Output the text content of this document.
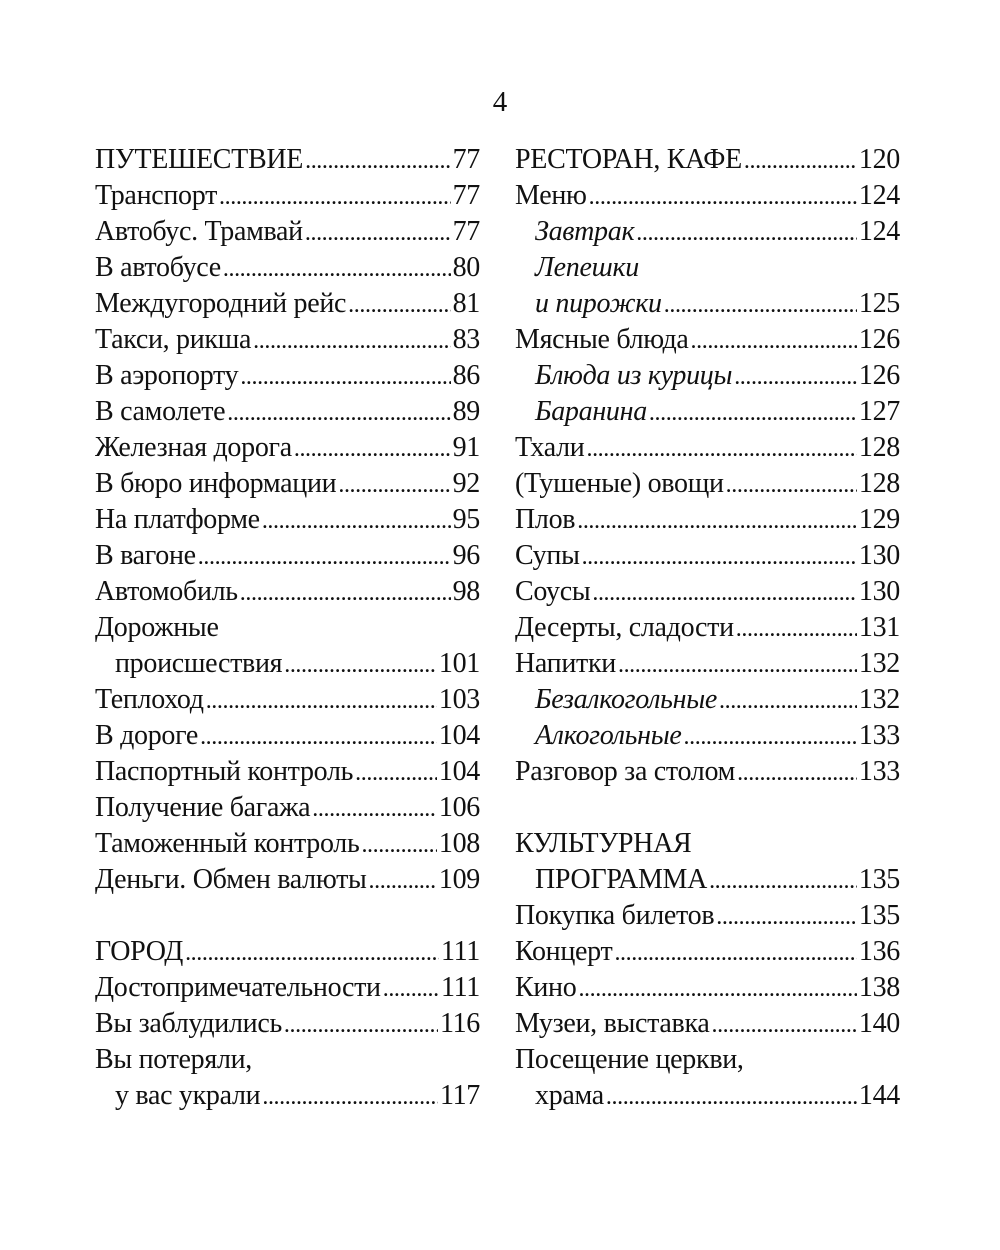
4
ПУТЕШЕСТВИЕ . . .	77
Транспорт . . .	77
Автобус. Трамвай . . .	77
В автобусе . . .	80
Междугородний рейс . . .	81
Такси, рикша . . .	83
В аэропорту . . .	86
В самолете . . .	89
Железная дорога . . .	91
В бюро информации . . .	92
На платформе . . .	95
В вагоне . . .	96
Автомобиль . . .	98
Дорожные
происшествия . . .	101
Теплоход . . .	103
В дороге . . .	104
Паспортный контроль . . .	104
Получение багажа . . .	106
Таможенный контроль . . .	108
Деньги. Обмен валюты . . .	109
ГОРОД . . .	111
Достопримечательности . . . 111
Вы заблудились . . .	116
Вы потеряли,
у вас украли . . .	117
РЕСТОРАН, КАФЕ . . .	120
Меню . . .	124
Завтрак . . .	124
Лепешки
и пирожки . . .	125
Мясные блюда . . .	126
Блюда из курицы . . .	126
Баранина . . .	127
Тхали . . .	128
(Тушеные) овощи . . .	128
Плов . . .	129
Супы . . .	130
Соусы . . .	130
Десерты, сладости . . .	131
Напитки . . .	132
Безалкогольные . . .	132
Алкогольные . . .	133
Разговор за столом . . .	133
КУЛЬТУРНАЯ
ПРОГРАММА . . .	135
Покупка билетов . . .	135
Концерт . . .	136
Кино . . .	138
Музеи, выставка . . .	140
Посещение церкви,
храма . . .	144
